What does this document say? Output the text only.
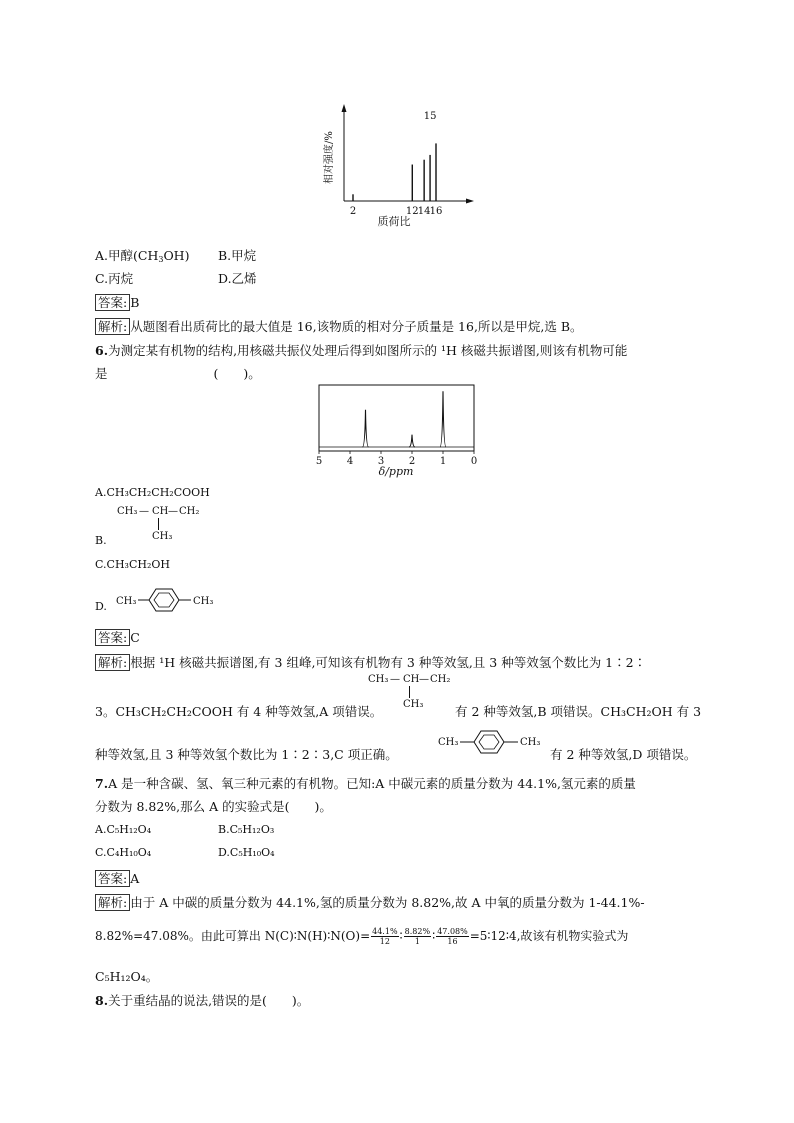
2	12 14 16
15
质荷比
相对强度/%
A.甲醇$(CH_3OH)$ B.甲烷
C.丙烷	D.乙烯
答案: B
解析: 从题图看出质荷比的最大值是 16,该物质的相对分子质量是 16,所以是甲烷,选 B。
6.为测定某有机物的结构,用核磁共振仪处理后得到如图所示的 ¹H 核磁共振谱图,则该有机物可能
是	(　　)。
5 4 3 2 1 0
δ/ppm
A.CH₃CH₂CH₂COOH
CH₃ — CH — CH₂
CH₃
B.
C.CH₃CH₂OH
D. CH₃	CH₃
答案: C
解析: 根据 ¹H 核磁共振谱图,有 3 组峰,可知该有机物有 3 种等效氢,且 3 种等效氢个数比为 1∶2∶
CH₃ — CH — CH₂
CH₃
3。CH₃CH₂CH₂COOH 有 4 种等效氢,A 项错误。	有 2 种等效氢,B 项错误。CH₃CH₂OH 有 3
种等效氢,且 3 种等效氢个数比为 1∶2∶3,C 项正确。
CH₃	CH₃
有 2 种等效氢,D 项错误。
7.A 是一种含碳、氢、氧三种元素的有机物。已知:A 中碳元素的质量分数为 44.1%,氢元素的质量
分数为 8.82%,那么 A 的实验式是(　　)。
A.C₅H₁₂O₄	B.C₅H₁₂O₃
C.C₄H₁₀O₄	D.C₅H₁₀O₄
答案: A
解析: 由于 A 中碳的质量分数为 44.1%,氢的质量分数为 8.82%,故 A 中氧的质量分数为 1-44.1%-
8.82%=47.08%。由此可算出 N(C)∶N(H)∶N(O)= $\frac{44.1\%}{12}$ ∶ $\frac{8.82\%}{1}$ ∶ $\frac{47.08\%}{16}$ =5∶12∶4,故该有机物实验式为
C₅H₁₂O₄。
8.关于重结晶的说法,错误的是(　　)。
